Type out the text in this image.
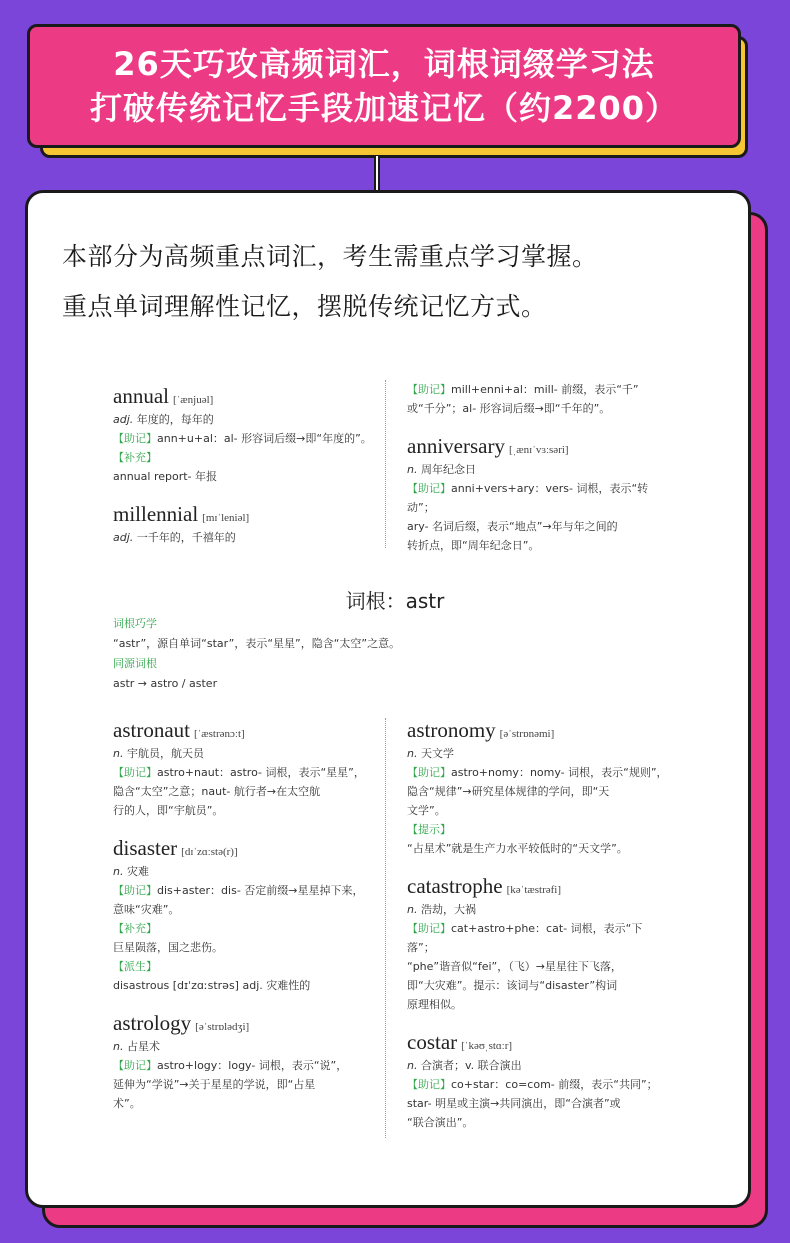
26天巧攻高频词汇，词根词缀学习法
打破传统记忆手段加速记忆（约2200）
本部分为高频重点词汇，考生需重点学习掌握。
重点单词理解性记忆，摆脱传统记忆方式。
annual [ˈænjuəl]
adj. 年度的，每年的
【助记】ann+u+al：al- 形容词后缀→即“年度的”。
【补充】
annual report- 年报
millennial [mɪˈleniəl]
adj. 一千年的，千禧年的
【助记】mill+enni+al：mill- 前缀，表示“千”
或“千分”；al- 形容词后缀→即“千年的”。
anniversary [ˌænɪˈvɜːsəri]
n. 周年纪念日
【助记】anni+vers+ary：vers- 词根，表示“转动”；
ary- 名词后缀，表示“地点”→年与年之间的
转折点，即“周年纪念日”。
词根：astr
词根巧学
“astr”，源自单词“star”，表示“星星”，隐含“太空”之意。
同源词根
astr → astro / aster
astronaut [ˈæstrənɔːt]
n. 宇航员，航天员
【助记】astro+naut：astro- 词根，表示“星星”，
隐含“太空”之意；naut- 航行者→在太空航
行的人，即“宇航员”。
disaster [dɪˈzɑːstə(r)]
n. 灾难
【助记】dis+aster：dis- 否定前缀→星星掉下来，
意味“灾难”。
【补充】
巨星陨落，国之悲伤。
【派生】
disastrous [dɪˈzɑːstrəs] adj. 灾难性的
astrology [əˈstrɒlədʒi]
n. 占星术
【助记】astro+logy：logy- 词根，表示“说”，
延伸为“学说”→关于星星的学说，即“占星
术”。
astronomy [əˈstrɒnəmi]
n. 天文学
【助记】astro+nomy：nomy- 词根，表示“规则”，
隐含“规律”→研究星体规律的学问，即“天
文学”。
【提示】
“占星术”就是生产力水平较低时的“天文学”。
catastrophe [kəˈtæstrəfi]
n. 浩劫，大祸
【助记】cat+astro+phe：cat- 词根，表示“下落”；
“phe”谐音似“fei”，（飞）→星星往下飞落，
即“大灾难”。提示：该词与“disaster”构词
原理相似。
costar [ˈkəʊˌstɑːr]
n. 合演者；v. 联合演出
【助记】co+star：co=com- 前缀，表示“共同”；
star- 明星或主演→共同演出，即“合演者”或
“联合演出”。
